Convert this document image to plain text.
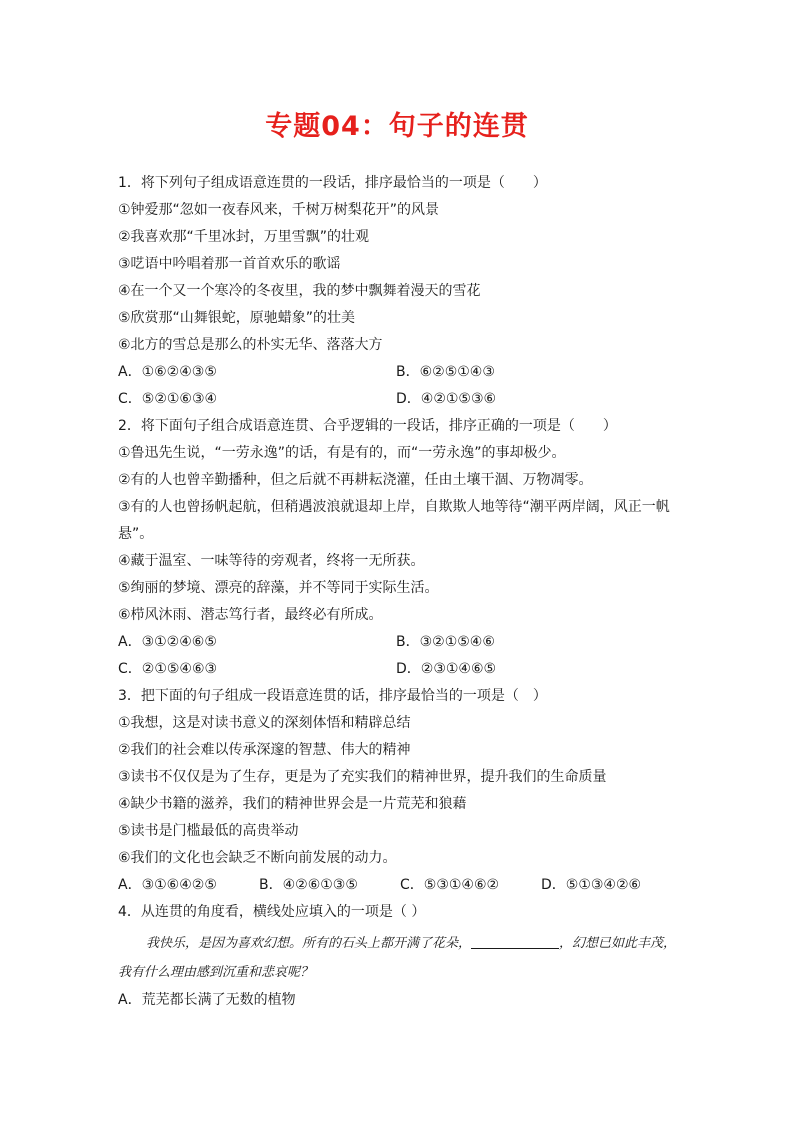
专题04：句子的连贯
1．将下列句子组成语意连贯的一段话，排序最恰当的一项是（　　）
①钟爱那“忽如一夜春风来，千树万树梨花开”的风景
②我喜欢那“千里冰封，万里雪飘”的壮观
③呓语中吟唱着那一首首欢乐的歌谣
④在一个又一个寒冷的冬夜里，我的梦中飘舞着漫天的雪花
⑤欣赏那“山舞银蛇，原驰蜡象”的壮美
⑥北方的雪总是那么的朴实无华、落落大方
A．①⑥②④③⑤	B．⑥②⑤①④③
C．⑤②①⑥③④	D．④②①⑤③⑥
2．将下面句子组合成语意连贯、合乎逻辑的一段话，排序正确的一项是（　　）
①鲁迅先生说，“一劳永逸”的话，有是有的，而“一劳永逸”的事却极少。
②有的人也曾辛勤播种，但之后就不再耕耘浇灌，任由土壤干涸、万物凋零。
③有的人也曾扬帆起航，但稍遇波浪就退却上岸，自欺欺人地等待“潮平两岸阔，风正一帆悬”。
④藏于温室、一味等待的旁观者，终将一无所获。
⑤绚丽的梦境、漂亮的辞藻，并不等同于实际生活。
⑥栉风沐雨、潜志笃行者，最终必有所成。
A．③①②④⑥⑤	B．③②①⑤④⑥
C．②①⑤④⑥③	D．②③①④⑥⑤
3．把下面的句子组成一段语意连贯的话，排序最恰当的一项是（　）
①我想，这是对读书意义的深刻体悟和精辟总结
②我们的社会难以传承深邃的智慧、伟大的精神
③读书不仅仅是为了生存，更是为了充实我们的精神世界，提升我们的生命质量
④缺少书籍的滋养，我们的精神世界会是一片荒芜和狼藉
⑤读书是门槛最低的高贵举动
⑥我们的文化也会缺乏不断向前发展的动力。
A．③①⑥④②⑤	B．④②⑥①③⑤	C．⑤③①④⑥②	D．⑤①③④②⑥
4．从连贯的角度看，横线处应填入的一项是（ ）
我快乐，是因为喜欢幻想。所有的石头上都开满了花朵，	，幻想已如此丰茂，
我有什么理由感到沉重和悲哀呢？
A．荒芜都长满了无数的植物
